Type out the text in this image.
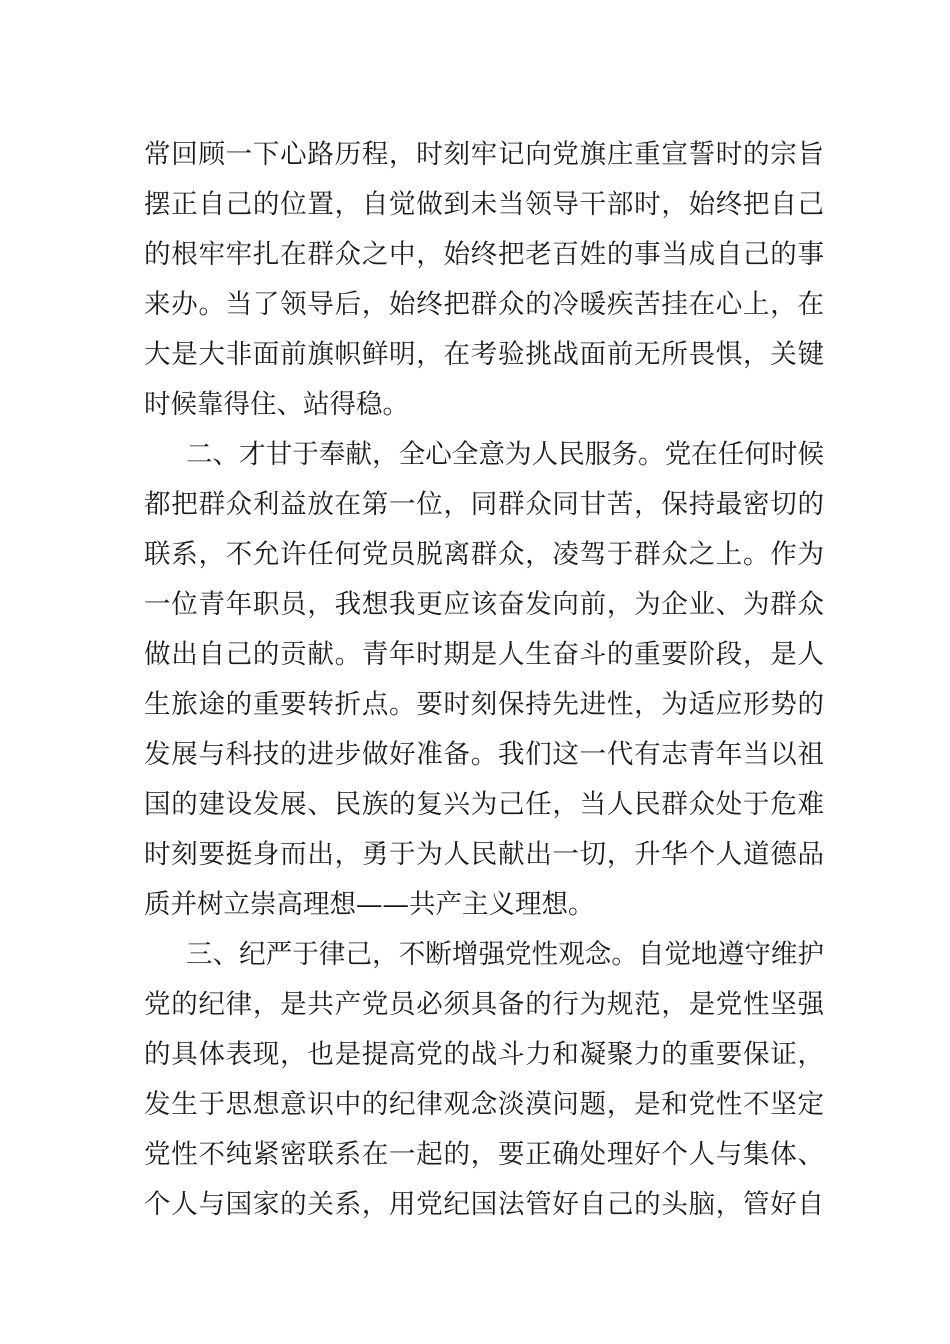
常回顾一下心路历程，时刻牢记向党旗庄重宣誓时的宗旨
摆正自己的位置，自觉做到未当领导干部时，始终把自己
的根牢牢扎在群众之中，始终把老百姓的事当成自己的事
来办。当了领导后，始终把群众的冷暖疾苦挂在心上，在
大是大非面前旗帜鲜明，在考验挑战面前无所畏惧，关键
时候靠得住、站得稳。
二、才甘于奉献，全心全意为人民服务。党在任何时候
都把群众利益放在第一位，同群众同甘苦，保持最密切的
联系，不允许任何党员脱离群众，凌驾于群众之上。作为
一位青年职员，我想我更应该奋发向前，为企业、为群众
做出自己的贡献。青年时期是人生奋斗的重要阶段，是人
生旅途的重要转折点。要时刻保持先进性，为适应形势的
发展与科技的进步做好准备。我们这一代有志青年当以祖
国的建设发展、民族的复兴为己任，当人民群众处于危难
时刻要挺身而出，勇于为人民献出一切，升华个人道德品
质并树立崇高理想——共产主义理想。
三、纪严于律己，不断增强党性观念。自觉地遵守维护
党的纪律，是共产党员必须具备的行为规范，是党性坚强
的具体表现，也是提高党的战斗力和凝聚力的重要保证，
发生于思想意识中的纪律观念淡漠问题，是和党性不坚定
党性不纯紧密联系在一起的，要正确处理好个人与集体、
个人与国家的关系，用党纪国法管好自己的头脑，管好自
